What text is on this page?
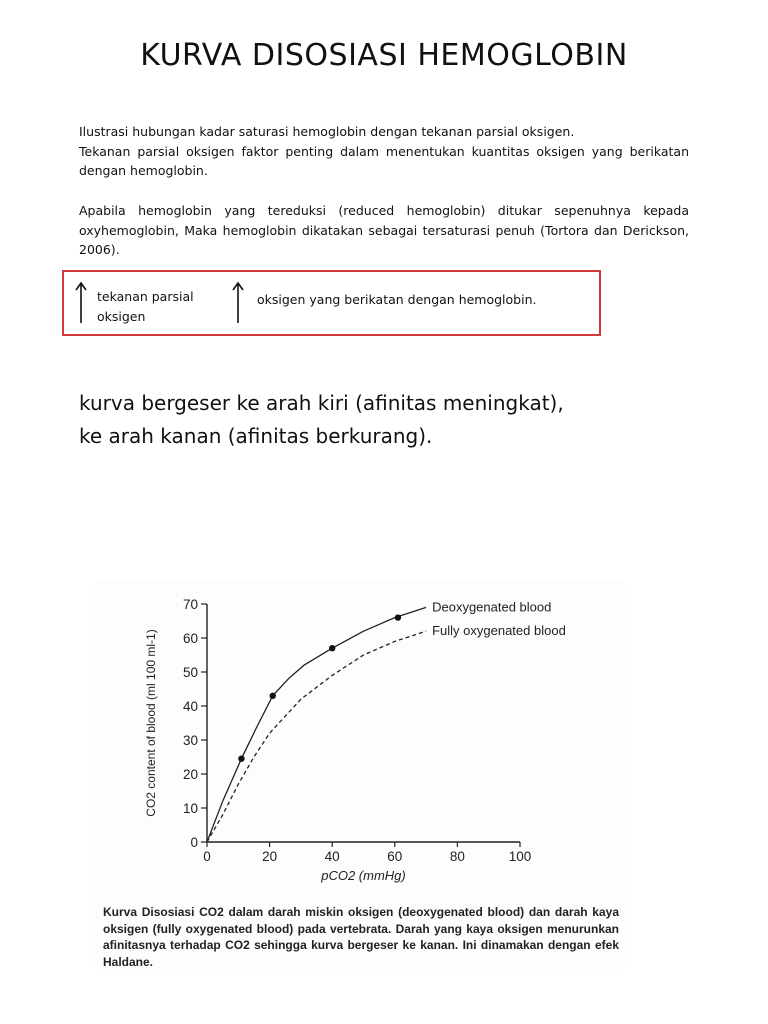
KURVA DISOSIASI HEMOGLOBIN
Ilustrasi hubungan kadar saturasi hemoglobin dengan tekanan parsial oksigen.
Tekanan parsial oksigen faktor penting dalam menentukan kuantitas oksigen yang berikatan dengan hemoglobin.
Apabila hemoglobin yang tereduksi (reduced hemoglobin) ditukar sepenuhnya kepada oxyhemoglobin, Maka hemoglobin dikatakan sebagai tersaturasi penuh (Tortora dan Derickson, 2006).
tekanan parsial oksigen
oksigen yang berikatan dengan hemoglobin.
kurva bergeser ke arah kiri (afinitas meningkat),
ke arah kanan (afinitas berkurang).
0
10
20
30
40
50
60
70
0	20	40	60	80	100
pCO2 (mmHg)
CO2 content of blood (ml 100 ml-1)
Deoxygenated blood
Fully oxygenated blood
Kurva Disosiasi CO2 dalam darah miskin oksigen (deoxygenated blood) dan darah kaya oksigen (fully oxygenated blood) pada vertebrata. Darah yang kaya oksigen menurunkan afinitasnya terhadap CO2 sehingga kurva bergeser ke kanan. Ini dinamakan dengan efek Haldane.
